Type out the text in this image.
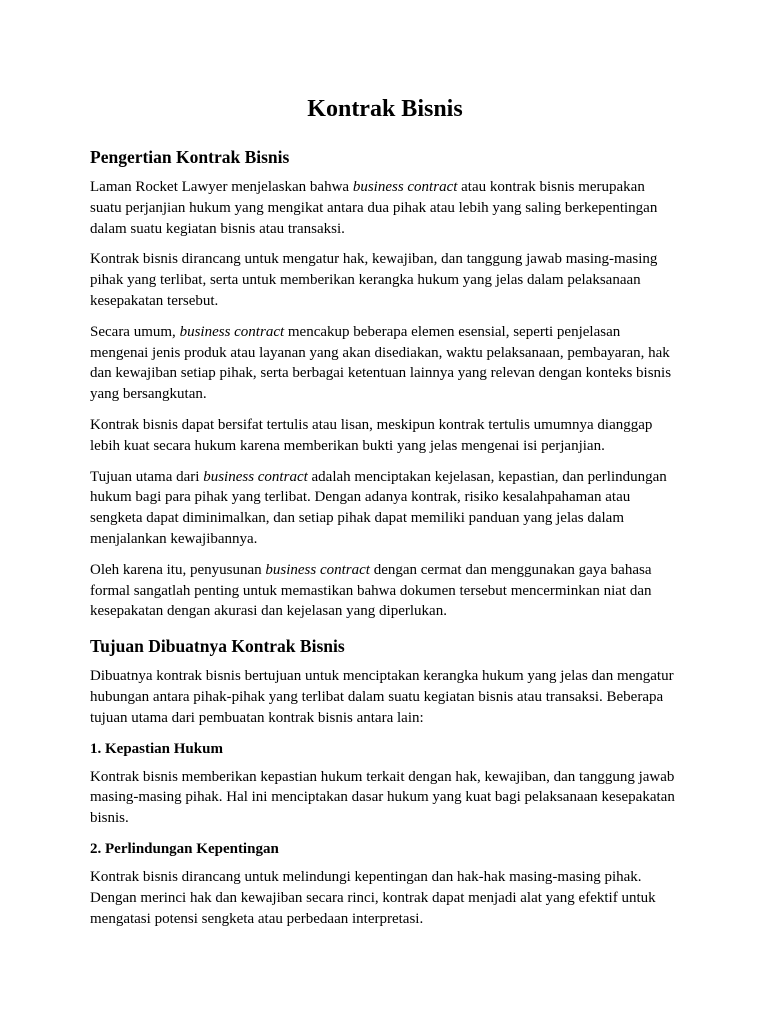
Kontrak Bisnis
Pengertian Kontrak Bisnis

Laman Rocket Lawyer menjelaskan bahwa business contract atau kontrak bisnis merupakan suatu perjanjian hukum yang mengikat antara dua pihak atau lebih yang saling berkepentingan dalam suatu kegiatan bisnis atau transaksi.

Kontrak bisnis dirancang untuk mengatur hak, kewajiban, dan tanggung jawab masing-masing pihak yang terlibat, serta untuk memberikan kerangka hukum yang jelas dalam pelaksanaan kesepakatan tersebut.

Secara umum, business contract mencakup beberapa elemen esensial, seperti penjelasan mengenai jenis produk atau layanan yang akan disediakan, waktu pelaksanaan, pembayaran, hak dan kewajiban setiap pihak, serta berbagai ketentuan lainnya yang relevan dengan konteks bisnis yang bersangkutan.

Kontrak bisnis dapat bersifat tertulis atau lisan, meskipun kontrak tertulis umumnya dianggap lebih kuat secara hukum karena memberikan bukti yang jelas mengenai isi perjanjian.

Tujuan utama dari business contract adalah menciptakan kejelasan, kepastian, dan perlindungan hukum bagi para pihak yang terlibat. Dengan adanya kontrak, risiko kesalahpahaman atau sengketa dapat diminimalkan, dan setiap pihak dapat memiliki panduan yang jelas dalam menjalankan kewajibannya.

Oleh karena itu, penyusunan business contract dengan cermat dan menggunakan gaya bahasa formal sangatlah penting untuk memastikan bahwa dokumen tersebut mencerminkan niat dan kesepakatan dengan akurasi dan kejelasan yang diperlukan.

Tujuan Dibuatnya Kontrak Bisnis

Dibuatnya kontrak bisnis bertujuan untuk menciptakan kerangka hukum yang jelas dan mengatur hubungan antara pihak-pihak yang terlibat dalam suatu kegiatan bisnis atau transaksi. Beberapa tujuan utama dari pembuatan kontrak bisnis antara lain:

1. Kepastian Hukum

Kontrak bisnis memberikan kepastian hukum terkait dengan hak, kewajiban, dan tanggung jawab masing-masing pihak. Hal ini menciptakan dasar hukum yang kuat bagi pelaksanaan kesepakatan bisnis.

2. Perlindungan Kepentingan

Kontrak bisnis dirancang untuk melindungi kepentingan dan hak-hak masing-masing pihak. Dengan merinci hak dan kewajiban secara rinci, kontrak dapat menjadi alat yang efektif untuk mengatasi potensi sengketa atau perbedaan interpretasi.
